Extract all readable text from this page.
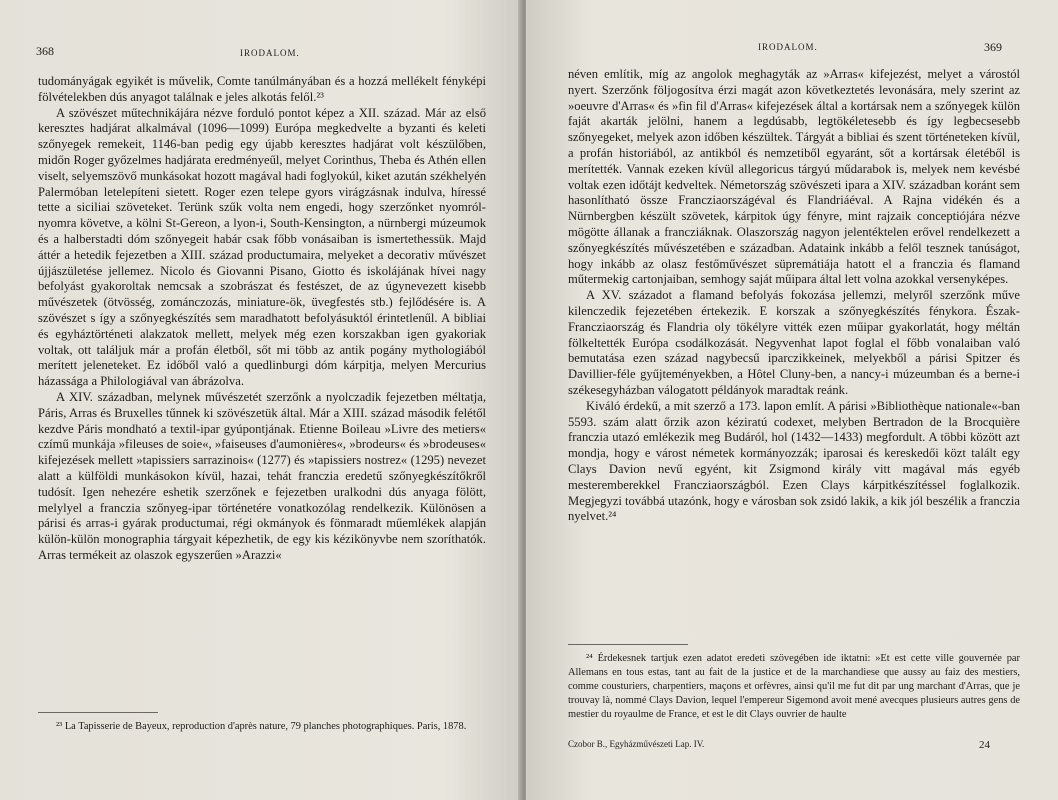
368	IRODALOM.

tudományágak egyikét is művelik, Comte tanúlmányában és a hozzá mellékelt fényképi fölvételekben dús anyagot találnak e jeles alkotás felől.²³

A szövészet műtechnikájára nézve forduló pontot képez a XII. század. Már az első keresztes hadjárat alkalmával (1096—1099) Európa megkedvelte a byzanti és keleti szőnyegek remekeit, 1146-ban pedig egy újabb keresztes hadjárat volt készülőben, midőn Roger győzelmes hadjárata eredményeűl, melyet Corinthus, Theba és Athén ellen viselt, selyemszövő munkásokat hozott magával hadi foglyokúl, kiket azután székhelyén Palermóban letelepíteni sietett. Roger ezen telepe gyors virágzásnak indulva, híressé tette a siciliai szöveteket. Terünk szűk volta nem engedi, hogy szerzőnket nyomról-nyomra követve, a kölni St-Gereon, a lyon-i, South-Kensington, a nürnbergi múzeumok és a halberstadti dóm szőnyegeit habár csak főbb vonásaiban is ismertethessük. Majd áttér a hetedik fejezetben a XIII. század productumaira, melyeket a decorativ művészet újjászületése jellemez. Nicolo és Giovanni Pisano, Giotto és iskolájának hívei nagy befolyást gyakoroltak nemcsak a szobrászat és festészet, de az úgynevezett kisebb művészetek (ötvösség, zománczozás, miniature-ök, üvegfestés stb.) fejlődésére is. A szövészet s így a szőnyegkészítés sem maradhatott befolyásuktól érintetlenűl. A bibliai és egyháztörténeti alakzatok mellett, melyek még ezen korszakban igen gyakoriak voltak, ott találjuk már a profán életből, sőt mi több az antik pogány mythologiából merített jeleneteket. Ez időből való a quedlinburgi dóm kárpitja, melyen Mercurius házassága a Philologiával van ábrázolva.

A XIV. században, melynek művészetét szerzőnk a nyolczadik fejezetben méltatja, Páris, Arras és Bruxelles tűnnek ki szövészetük által. Már a XIII. század második felétől kezdve Páris mondható a textil-ipar gyúpontjának. Etienne Boileau »Livre des metiers« czímű munkája »fileuses de soie«, »faiseuses d'aumonières«, »brodeurs« és »brodeuses« kifejezések mellett »tapissiers sarrazinois« (1277) és »tapissiers nostrez« (1295) nevezet alatt a külföldi munkásokon kívül, hazai, tehát franczia eredetű szőnyegkészítőkről tudósít. Igen nehezére eshetik szerzőnek e fejezetben uralkodni dús anyaga fölött, melylyel a franczia szőnyeg-ipar történetére vonatkozólag rendelkezik. Különösen a párisi és arras-i gyárak productumai, régi okmányok és fönmaradt műemlékek alapján külön-külön monographia tárgyait képezhetik, de egy kis kézikönyvbe nem szoríthatók. Arras termékeit az olaszok egyszerűen »Arazzi«

²³ La Tapisserie de Bayeux, reproduction d'après nature, 79 planches photographiques. Paris, 1878.

IRODALOM.	369

néven említik, míg az angolok meghagyták az »Arras« kifejezést, melyet a várostól nyert. Szerzőnk följogosítva érzi magát azon következtetés levonására, mely szerint az »oeuvre d'Arras« és »fin fil d'Arras« kifejezések által a kortársak nem a szőnyegek külön faját akarták jelölni, hanem a legdúsabb, legtökéletesebb és így legbecsesebb szőnyegeket, melyek azon időben készültek. Tárgyát a bibliai és szent történeteken kívül, a profán historiából, az antikból és nemzetiből egyaránt, sőt a kortársak életéből is merítették. Vannak ezeken kívül allegoricus tárgyú műdarabok is, melyek nem kevésbé voltak ezen időtájt kedveltek. Németország szövészeti ipara a XIV. században koránt sem hasonlítható össze Francziaországéval és Flandriáéval. A Rajna vidékén és a Nürnbergben készült szövetek, kárpitok úgy fényre, mint rajzaik conceptiójára nézve mögötte állanak a francziáknak. Olaszország nagyon jelentéktelen erővel rendelkezett a szőnyegkészítés művészetében e században. Adataink inkább a felől tesznek tanúságot, hogy inkább az olasz festőművészet süpremátiája hatott el a franczia és flamand műtermekig cartonjaiban, semhogy saját műipara által lett volna azokkal versenyképes.

A XV. századot a flamand befolyás fokozása jellemzi, melyről szerzőnk műve kilenczedik fejezetében értekezik. E korszak a szőnyegkészítés fénykora. Észak-Francziaország és Flandria oly tökélyre vitték ezen műipar gyakorlatát, hogy méltán fölkeltették Európa csodálkozását. Negyvenhat lapot foglal el főbb vonalaiban való bemutatása ezen század nagybecsű iparczikkeinek, melyekből a párisi Spitzer és Davillier-féle gyűjteményekben, a Hôtel Cluny-ben, a nancy-i múzeumban és a berne-i székesegyházban válogatott példányok maradtak reánk.

Kiváló érdekű, a mit szerző a 173. lapon említ. A párisi »Bibliothèque nationale«-ban 5593. szám alatt őrzik azon kéziratú codexet, melyben Bertradon de la Brocquière franczia utazó emlékezik meg Budáról, hol (1432—1433) megfordult. A többi között azt mondja, hogy e várost németek kormányozzák; iparosai és kereskedői közt talált egy Clays Davion nevű egyént, kit Zsigmond király vitt magával más egyéb mesteremberekkel Francziaországból. Ezen Clays kárpitkészítéssel foglalkozik. Megjegyzi továbbá utazónk, hogy e városban sok zsidó lakik, a kik jól beszélik a franczia nyelvet.²⁴

²⁴ Érdekesnek tartjuk ezen adatot eredeti szövegében ide iktatni: »Et est cette ville gouvernée par Allemans en tous estas, tant au fait de la justice et de la marchandiese que aussy au faiz des mestiers, comme cousturiers, charpentiers, maçons et orfèvres, ainsi qu'il me fut dit par ung marchant d'Arras, que je trouvay là, nommé Clays Davion, lequel l'empereur Sigemond avoit mené avecques plusieurs autres gens de mestier du royaulme de France, et est le dit Clays ouvrier de haulte

Czobor B., Egyházművészeti Lap. IV.	24
